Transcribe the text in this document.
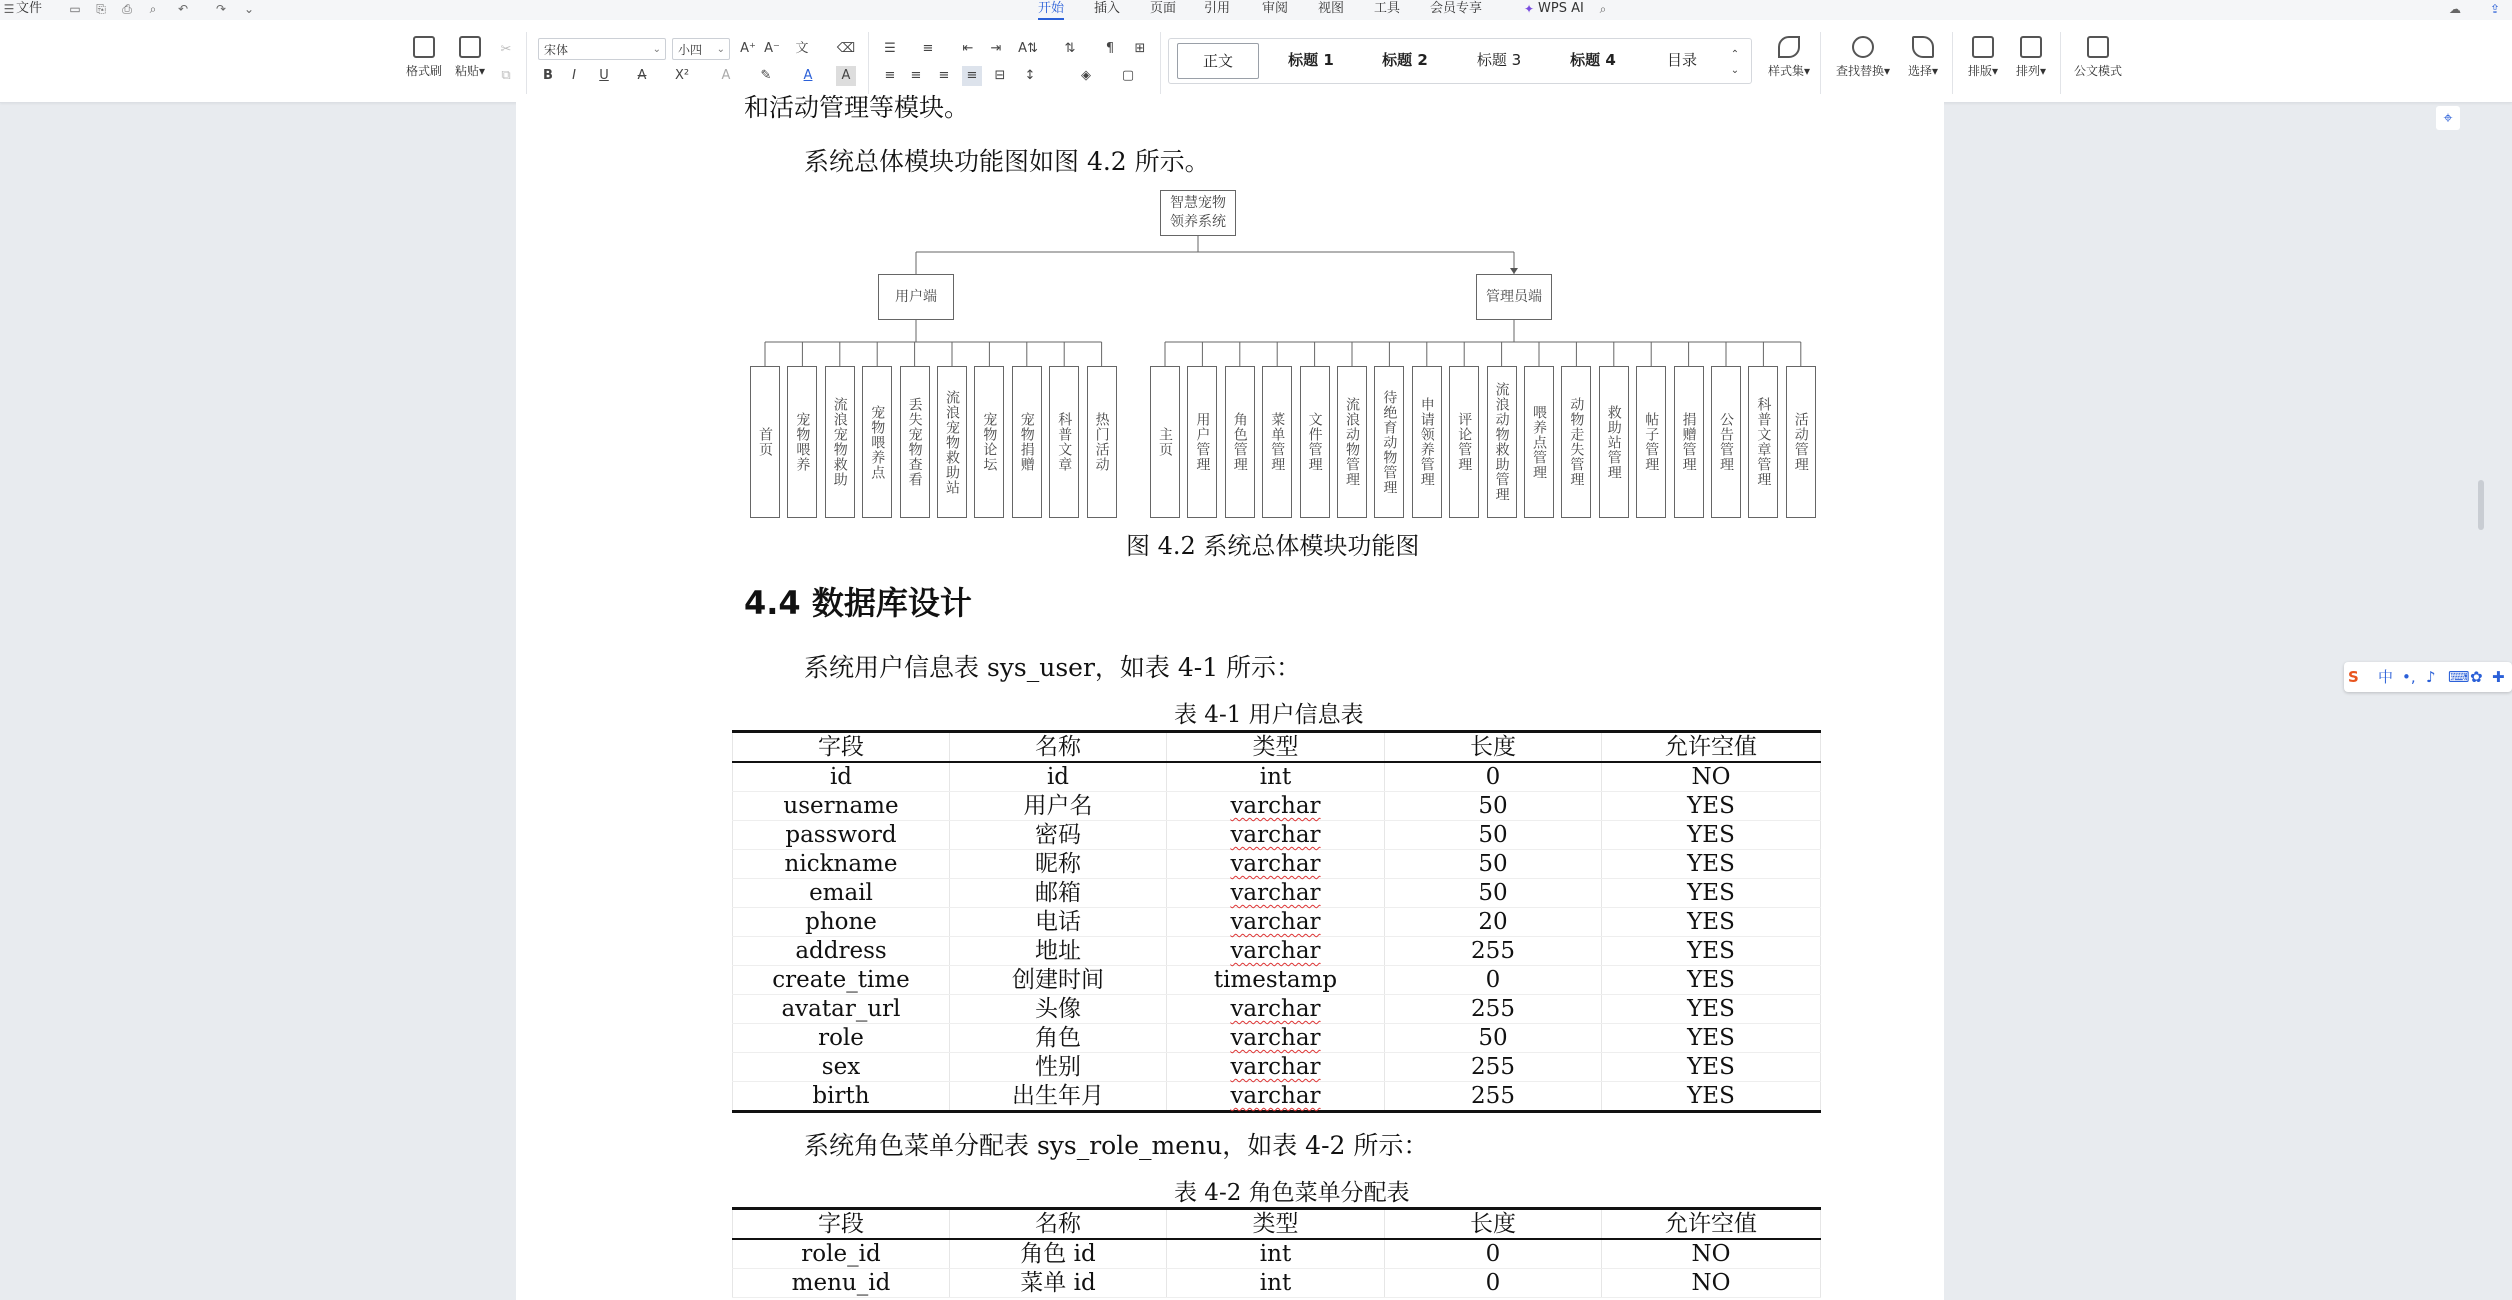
☰ 文件 ▭ ⎘ ⎙	⌕	↶ ↷ ⌄	开始 插入 页面 引用 审阅 视图 工具 会员专享	✦ WPS AI	⌕	☁ ⇪
格式刷	粘贴▾
✂
⧉
宋体	⌄	小四 ⌄ A⁺ A⁻ 文 ⌫
B	I	U	A	X²	A	✎	A	A
☰	≡	⇤	⇥	A⇅	⇅	¶	⊞
≡	≡	≡	≡	⊟	↕	◈	▢
正文	标题 1	标题 2	标题 3	标题 4	目录	⌃
⌄	样式集▾	查找替换▾	选择▾	排版▾	排列▾	公文模式
和活动管理等模块。
系统总体模块功能图如图 4.2 所示。
智慧宠物领养系统
用户端
首页	宠物喂养	流浪宠物救助	宠物喂养点	丢失宠物查看	流浪宠物救助站	宠物论坛	宠物捐赠	科普文章	热门活动
管理员端
主页	用户管理	角色管理	菜单管理	文件管理	流浪动物管理	待绝育动物管理	申请领养管理	评论管理	流浪动物救助管理	喂养点管理	动物走失管理	救助站管理	帖子管理	捐赠管理	公告管理	科普文章管理	活动管理
图 4.2 系统总体模块功能图
4.4 数据库设计
系统用户信息表 sys_user，如表 4-1 所示：
表 4-1 用户信息表
字段	名称	类型	长度	允许空值
id	id	int	0	NO
username	用户名	varchar	50	YES
password	密码	varchar	50	YES
nickname	昵称	varchar	50	YES
email	邮箱	varchar	50	YES
phone	电话	varchar	20	YES
address	地址	varchar	255	YES
create_time	创建时间	timestamp	0	YES
avatar_url	头像	varchar	255	YES
role	角色	varchar	50	YES
sex	性别	varchar	255	YES
birth	出生年月	varchar	255	YES
系统角色菜单分配表 sys_role_menu，如表 4-2 所示：
表 4-2 角色菜单分配表
字段	名称	类型	长度	允许空值
role_id	角色 id	int	0	NO
menu_id	菜单 id	int	0	NO
⌖
S 中 •, ♪ ⌨ ✿ ✚
